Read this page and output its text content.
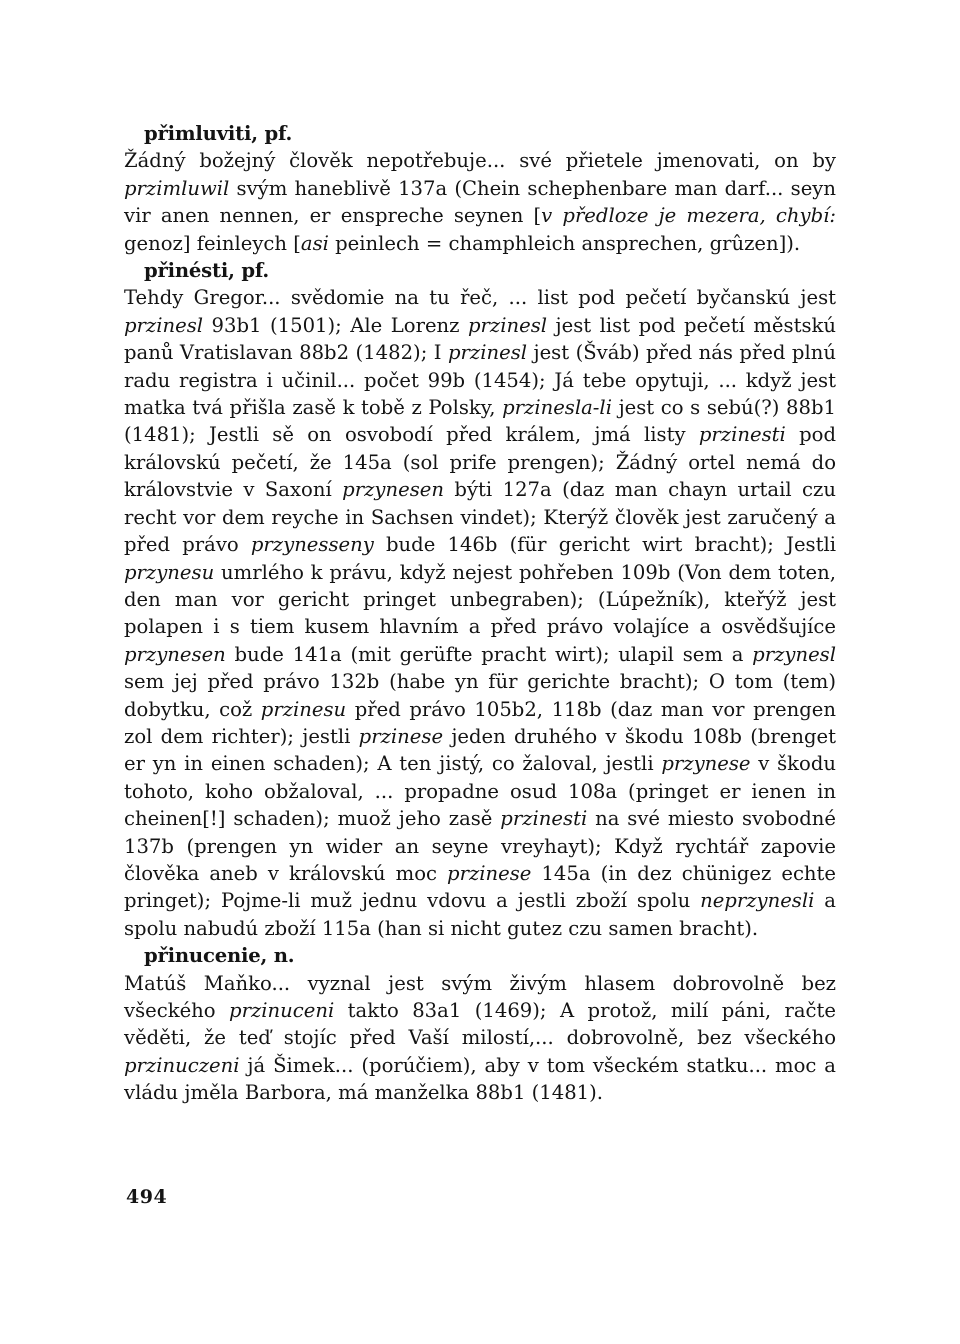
přimluviti, pf.

Žádný božejný člověk nepotřebuje... své přietele jmenovati, on by przimluwil svým haneblivě 137a (Chein schephenbare man darf... seyn vir anen nennen, er enspreche seynen [v předloze je mezera, chybí: genoz] feinleych [asi peinlech = champhleich ansprechen, grûzen]).

přinésti, pf.

Tehdy Gregor... svědomie na tu řeč, ... list pod pečetí byčanskú jest przinesl 93b1 (1501); Ale Lorenz przinesl jest list pod pečetí městskú panů Vratislavan 88b2 (1482); I przinesl jest (Šváb) před nás před plnú radu registra i učinil... počet 99b (1454); Já tebe opytuji, ... když jest matka tvá přišla zasě k tobě z Polsky, przinesla-li jest co s sebú(?) 88b1 (1481); Jestli sě on osvobodí před králem, jmá listy przinesti pod královskú pečetí, že 145a (sol prife prengen); Žádný ortel nemá do královstvie v Saxoní przynesen býti 127a (daz man chayn urtail czu recht vor dem reyche in Sachsen vindet); Kterýž člověk jest zaručený a před právo przynesseny bude 146b (für gericht wirt bracht); Jestli przynesu umrlého k právu, když nejest pohřeben 109b (Von dem toten, den man vor gericht pringet unbegraben); (Lúpežník), kteřýž jest polapen i s tiem kusem hlavním a před právo volajíce a osvědšujíce przynesen bude 141a (mit gerüfte pracht wirt); ulapil sem a przynesl sem jej před právo 132b (habe yn für gerichte bracht); O tom (tem) dobytku, což przinesu před právo 105b2, 118b (daz man vor prengen zol dem richter); jestli przinese jeden druhého v škodu 108b (brenget er yn in einen schaden); A ten jistý, co žaloval, jestli przynese v škodu tohoto, koho obžaloval, ... propadne osud 108a (pringet er ienen in cheinen[!] schaden); muož jeho zasě przinesti na své miesto svobodné 137b (prengen yn wider an seyne vreyhayt); Když rychtář zapovie člověka aneb v královskú moc przinese 145a (in dez chünigez echte pringet); Pojme-li muž jednu vdovu a jestli zboží spolu neprzynesli a spolu nabudú zboží 115a (han si nicht gutez czu samen bracht).

přinucenie, n.

Matúš Maňko... vyznal jest svým živým hlasem dobrovolně bez všeckého przinuceni takto 83a1 (1469); A protož, milí páni, račte věděti, že teď stojíc před Vaší milostí,... dobrovolně, bez všeckého przinuczeni já Šimek... (porúčiem), aby v tom všeckém statku... moc a vládu jměla Barbora, má manželka 88b1 (1481).

494
